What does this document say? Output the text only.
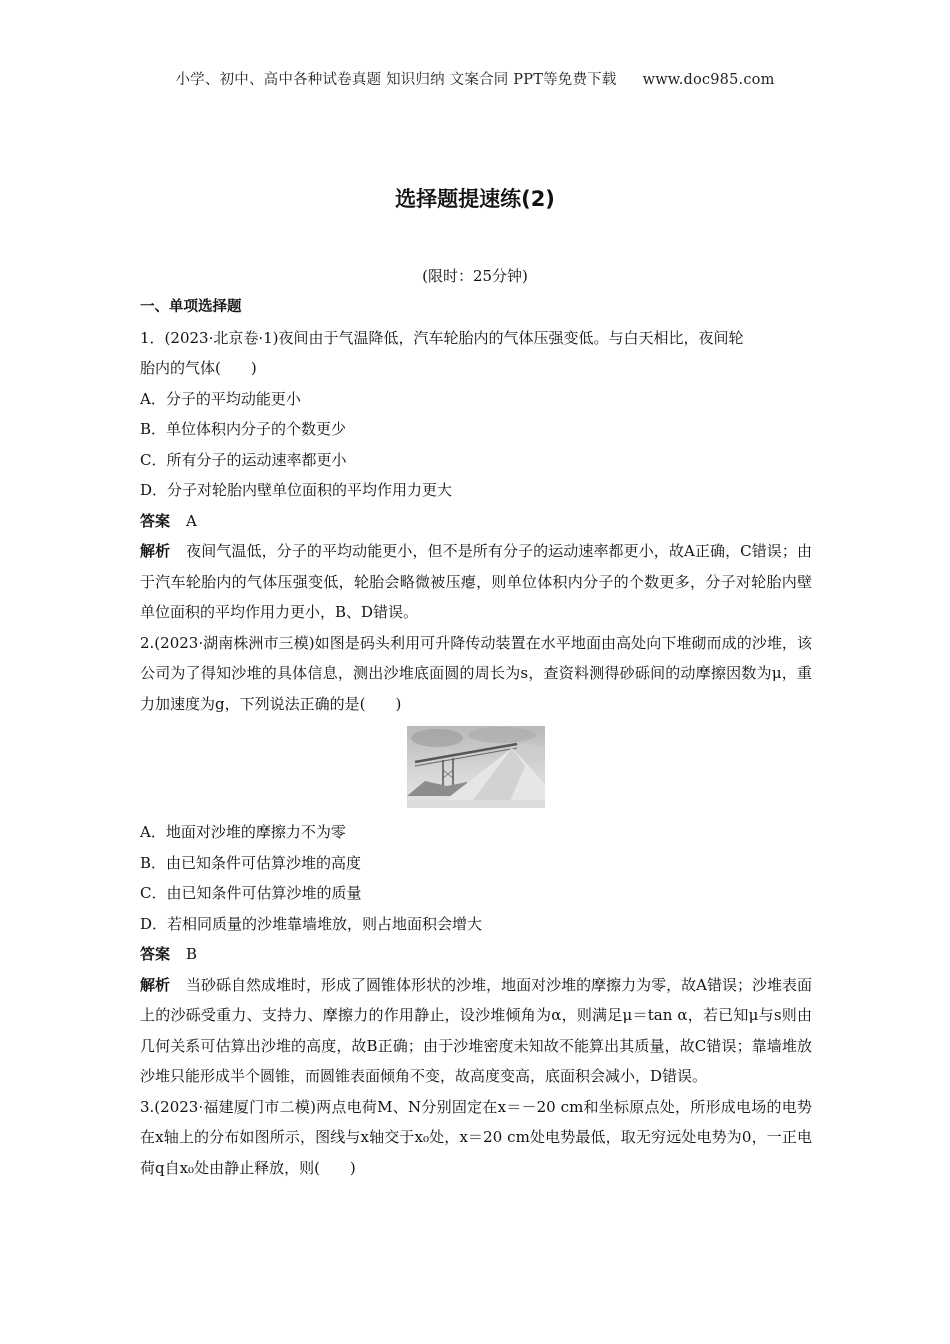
小学、初中、高中各种试卷真题 知识归纳 文案合同 PPT等免费下载 www.doc985.com
选择题提速练(2)
(限时：25分钟)
一、单项选择题
1．(2023·北京卷·1)夜间由于气温降低，汽车轮胎内的气体压强变低。与白天相比，夜间轮
胎内的气体(　　)
A．分子的平均动能更小
B．单位体积内分子的个数更少
C．所有分子的运动速率都更小
D．分子对轮胎内壁单位面积的平均作用力更大
答案 A
解析 夜间气温低，分子的平均动能更小，但不是所有分子的运动速率都更小，故A正确，C错误；由于汽车轮胎内的气体压强变低，轮胎会略微被压瘪，则单位体积内分子的个数更多，分子对轮胎内壁单位面积的平均作用力更小，B、D错误。
2.(2023·湖南株洲市三模)如图是码头利用可升降传动装置在水平地面由高处向下堆砌而成的沙堆，该公司为了得知沙堆的具体信息，测出沙堆底面圆的周长为s，查资料测得砂砾间的动摩擦因数为μ，重力加速度为g，下列说法正确的是(　　)
A．地面对沙堆的摩擦力不为零
B．由已知条件可估算沙堆的高度
C．由已知条件可估算沙堆的质量
D．若相同质量的沙堆靠墙堆放，则占地面积会增大
答案 B
解析 当砂砾自然成堆时，形成了圆锥体形状的沙堆，地面对沙堆的摩擦力为零，故A错误；沙堆表面上的沙砾受重力、支持力、摩擦力的作用静止，设沙堆倾角为α，则满足μ＝tan α，若已知μ与s则由几何关系可估算出沙堆的高度，故B正确；由于沙堆密度未知故不能算出其质量，故C错误；靠墙堆放沙堆只能形成半个圆锥，而圆锥表面倾角不变，故高度变高，底面积会减小，D错误。
3.(2023·福建厦门市二模)两点电荷M、N分别固定在x＝－20 cm和坐标原点处，所形成电场的电势在x轴上的分布如图所示，图线与x轴交于x₀处，x＝20 cm处电势最低，取无穷远处电势为0，一正电荷q自x₀处由静止释放，则(　　)
